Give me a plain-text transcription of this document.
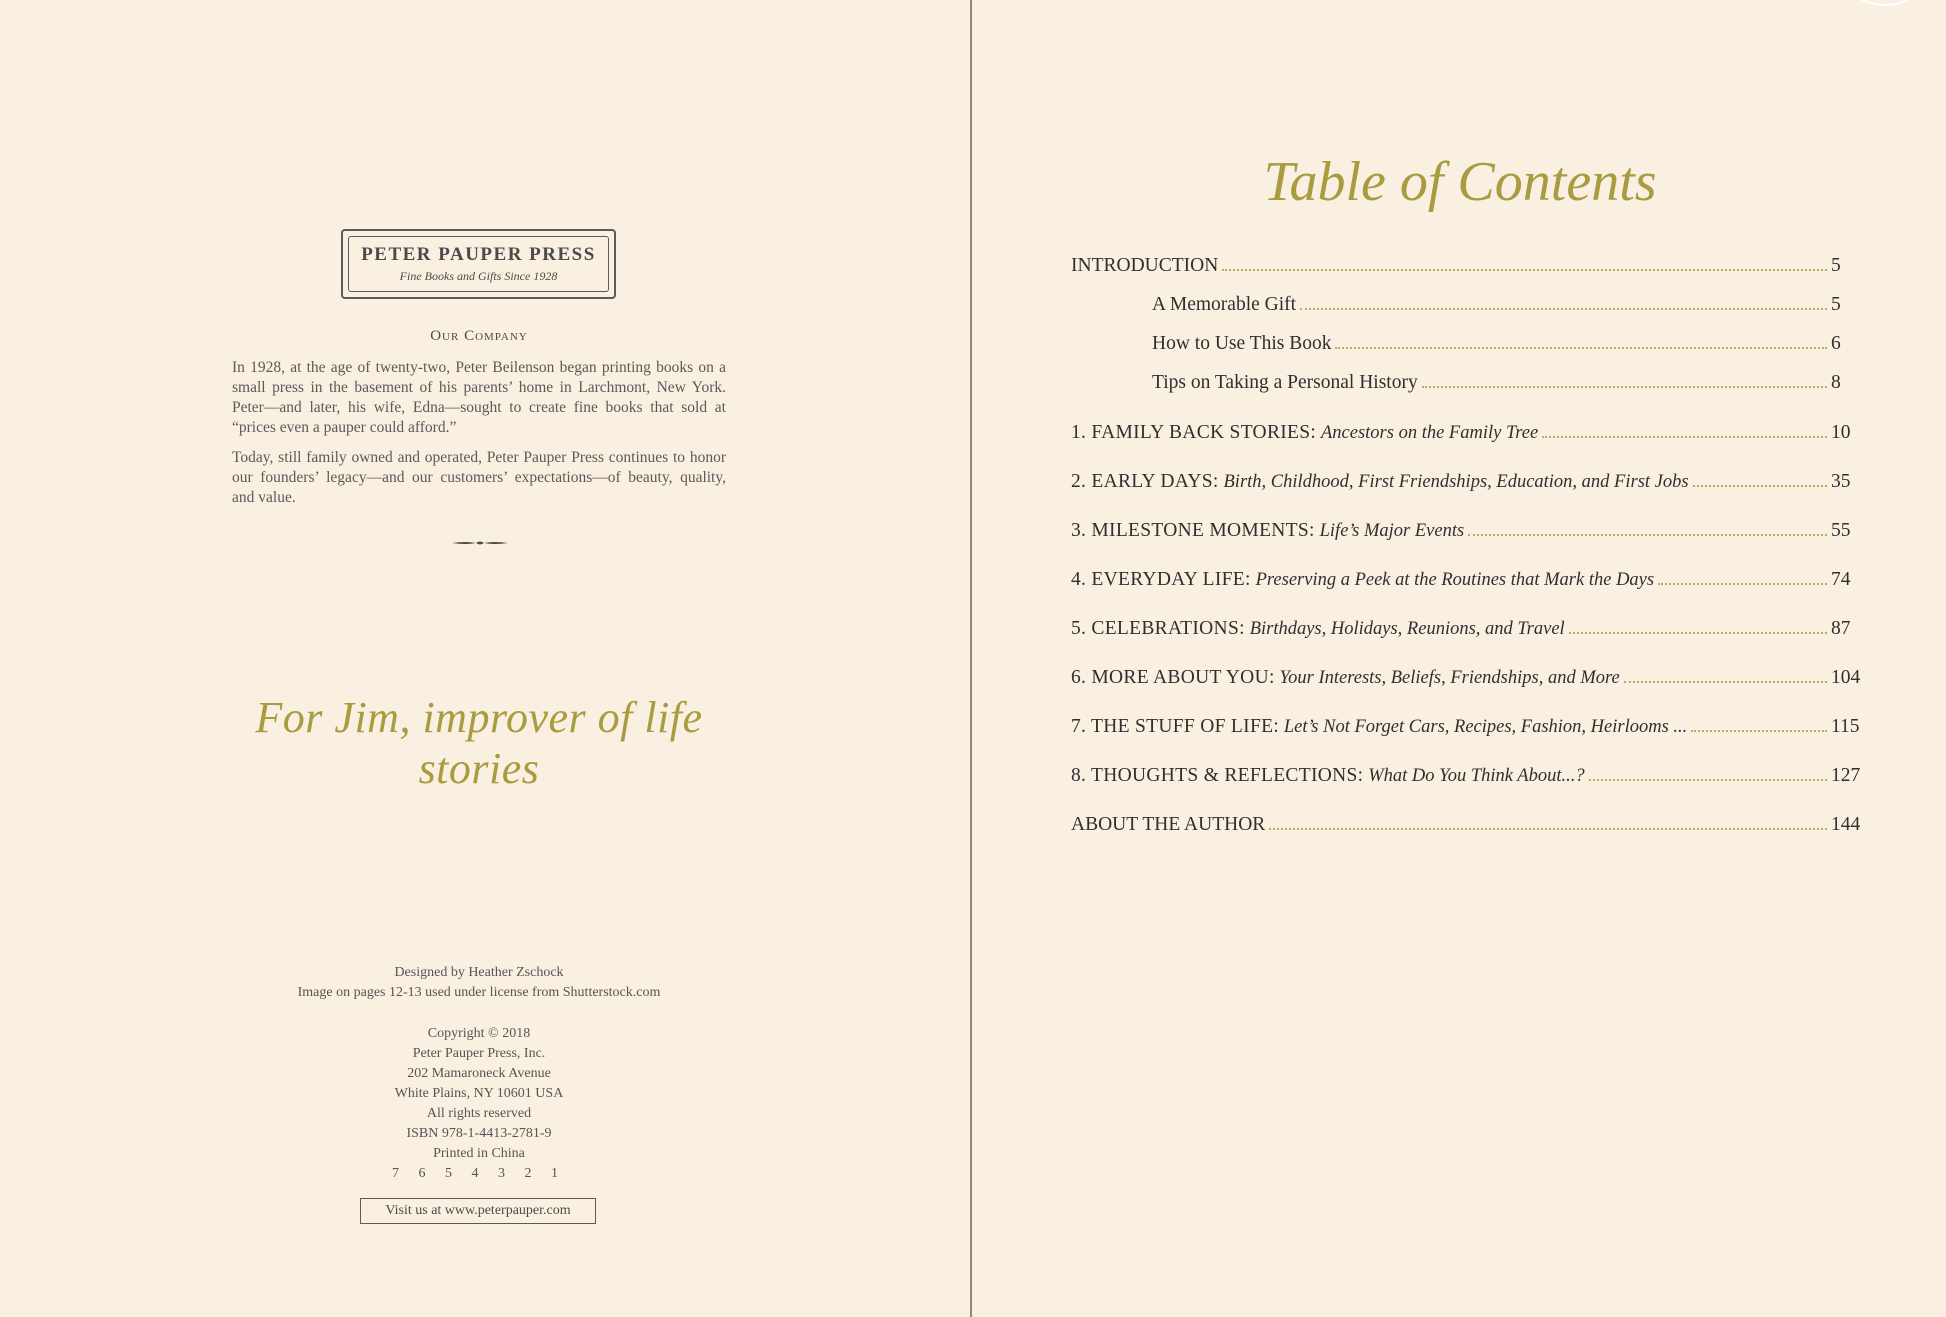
PETER PAUPER PRESS
Fine Books and Gifts Since 1928
Our Company

In 1928, at the age of twenty-two, Peter Beilenson began printing books on a small press in the basement of his parents’ home in Larchmont, New York. Peter—and later, his wife, Edna—sought to create fine books that sold at “prices even a pauper could afford.”

Today, still family owned and operated, Peter Pauper Press continues to honor our founders’ legacy—and our customers’ expectations—of beauty, quality, and value.

For Jim, improver of life stories
Designed by Heather Zschock
Image on pages 12-13 used under license from Shutterstock.com
Copyright © 2018
Peter Pauper Press, Inc.
202 Mamaroneck Avenue
White Plains, NY 10601 USA
All rights reserved
ISBN 978-1-4413-2781-9
Printed in China
7 6 5 4 3 2 1
Visit us at www.peterpauper.com
Table of Contents
INTRODUCTION	5
A Memorable Gift	5
How to Use This Book	6
Tips on Taking a Personal History	8
1. FAMILY BACK STORIES: Ancestors on the Family Tree	10
2. EARLY DAYS: Birth, Childhood, First Friendships, Education, and First Jobs	35
3. MILESTONE MOMENTS: Life’s Major Events	55
4. EVERYDAY LIFE: Preserving a Peek at the Routines that Mark the Days	74
5. CELEBRATIONS: Birthdays, Holidays, Reunions, and Travel	87
6. MORE ABOUT YOU: Your Interests, Beliefs, Friendships, and More	104
7. THE STUFF OF LIFE: Let’s Not Forget Cars, Recipes, Fashion, Heirlooms ...	115
8. THOUGHTS & REFLECTIONS: What Do You Think About...?	127
ABOUT THE AUTHOR	144
